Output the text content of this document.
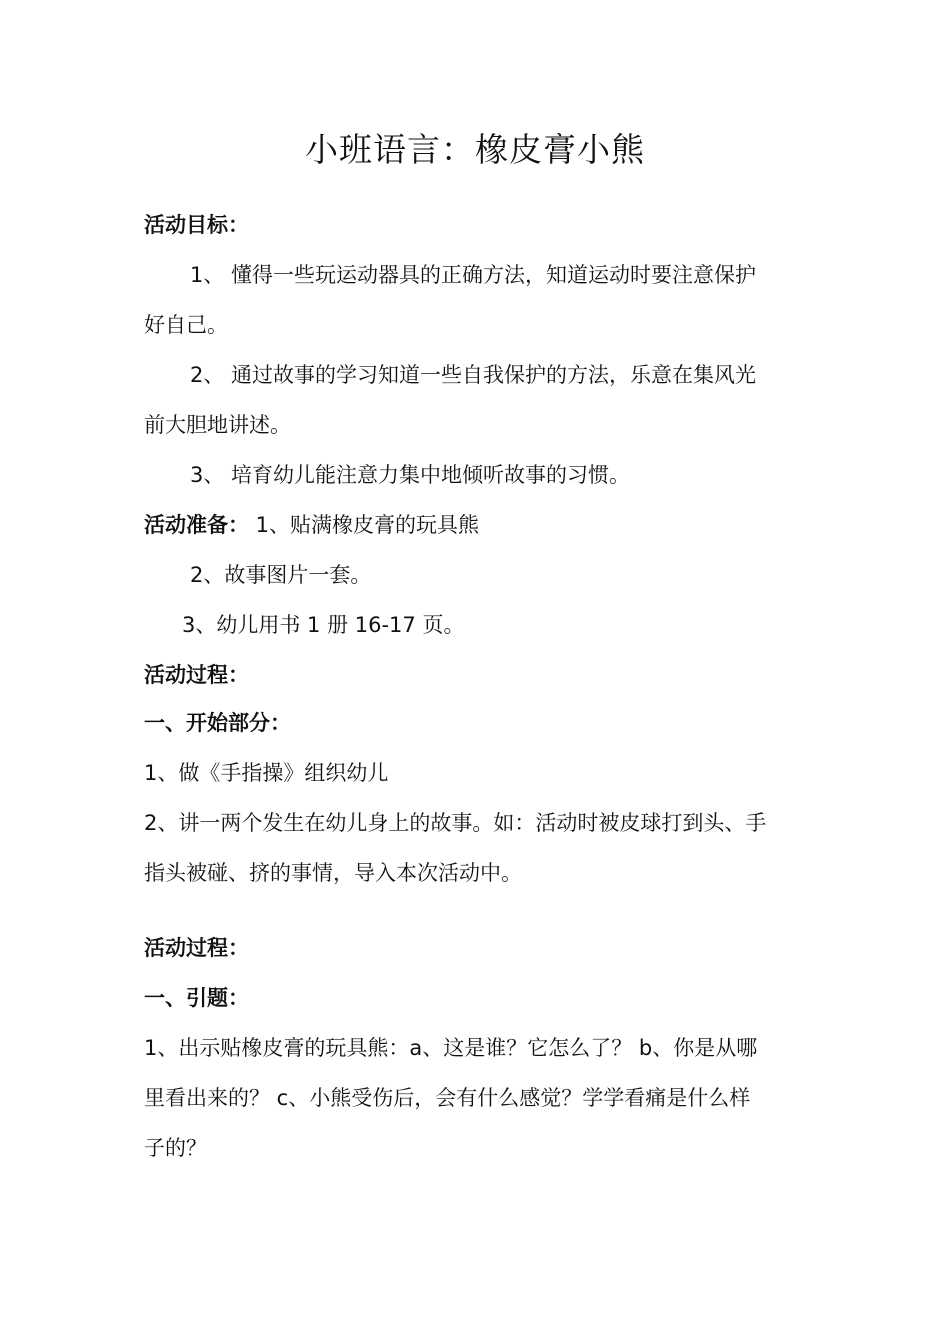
小班语言：橡皮膏小熊
活动目标：
1、 懂得一些玩运动器具的正确方法，知道运动时要注意保护
好自己。
2、 通过故事的学习知道一些自我保护的方法，乐意在集风光
前大胆地讲述。
3、 培育幼儿能注意力集中地倾听故事的习惯。
活动准备： 1、贴满橡皮膏的玩具熊
2、故事图片一套。
3、幼儿用书 1 册 16-17 页。
活动过程：
一、开始部分：
1、做《手指操》组织幼儿
2、讲一两个发生在幼儿身上的故事。如：活动时被皮球打到头、手
指头被碰、挤的事情，导入本次活动中。
活动过程：
一、引题：
1、出示贴橡皮膏的玩具熊：a、这是谁？它怎么了？ b、你是从哪
里看出来的？ c、小熊受伤后，会有什么感觉？学学看痛是什么样
子的？
